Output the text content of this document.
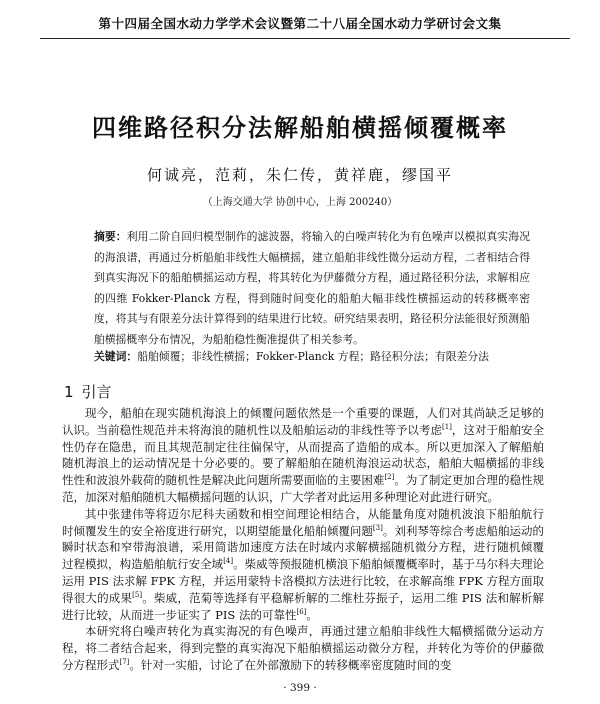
第十四届全国水动力学学术会议暨第二十八届全国水动力学研讨会文集
四维路径积分法解船舶横摇倾覆概率
何诚亮，范莉，朱仁传，黄祥鹿，缪国平
（上海交通大学 协创中心，上海 200240）
摘要：利用二阶自回归模型制作的滤波器，将输入的白噪声转化为有色噪声以模拟真实海况的海浪谱，再通过分析船舶非线性大幅横摇，建立船舶非线性微分运动方程，二者相结合得到真实海况下的船舶横摇运动方程，将其转化为伊藤微分方程，通过路径积分法，求解相应的四维 Fokker-Planck 方程，得到随时间变化的船舶大幅非线性横摇运动的转移概率密度，将其与有限差分法计算得到的结果进行比较。研究结果表明，路径积分法能很好预测船舶横摇概率分布情况，为船舶稳性衡准提供了相关参考。
关键词：船舶倾覆；非线性横摇；Fokker-Planck 方程；路径积分法；有限差分法
1 引言

现今，船舶在现实随机海浪上的倾覆问题依然是一个重要的课题，人们对其尚缺乏足够的认识。当前稳性规范并未将海浪的随机性以及船舶运动的非线性等予以考虑[1]，这对于船舶安全性仍存在隐患，而且其规范制定往往偏保守，从而提高了造船的成本。所以更加深入了解船舶随机海浪上的运动情况是十分必要的。要了解船舶在随机海浪运动状态，船舶大幅横摇的非线性性和波浪外载荷的随机性是解决此问题所需要面临的主要困难[2]。为了制定更加合理的稳性规范，加深对船舶随机大幅横摇问题的认识，广大学者对此运用多种理论对此进行研究。

其中张建伟等将迈尔尼科夫函数和相空间理论相结合，从能量角度对随机波浪下船舶航行时倾覆发生的安全裕度进行研究，以期望能量化船舶倾覆问题[3]。刘利琴等综合考虑船舶运动的瞬时状态和窄带海浪谱，采用简谐加速度方法在时域内求解横摇随机微分方程，进行随机倾覆过程模拟，构造船舶航行安全域[4]。柴威等预报随机横浪下船舶倾覆概率时，基于马尔科夫理论运用 PIS 法求解 FPK 方程，并运用蒙特卡洛模拟方法进行比较，在求解高维 FPK 方程方面取得很大的成果[5]。柴威，范菊等选择有平稳解析解的二维杜芬振子，运用二维 PIS 法和解析解进行比较，从而进一步证实了 PIS 法的可靠性[6]。

本研究将白噪声转化为真实海况的有色噪声，再通过建立船舶非线性大幅横摇微分运动方程，将二者结合起来，得到完整的真实海况下船舶横摇运动微分方程，并转化为等价的伊藤微分方程形式[7]。针对一实船，讨论了在外部激励下的转移概率密度随时间的变

· 399 ·
